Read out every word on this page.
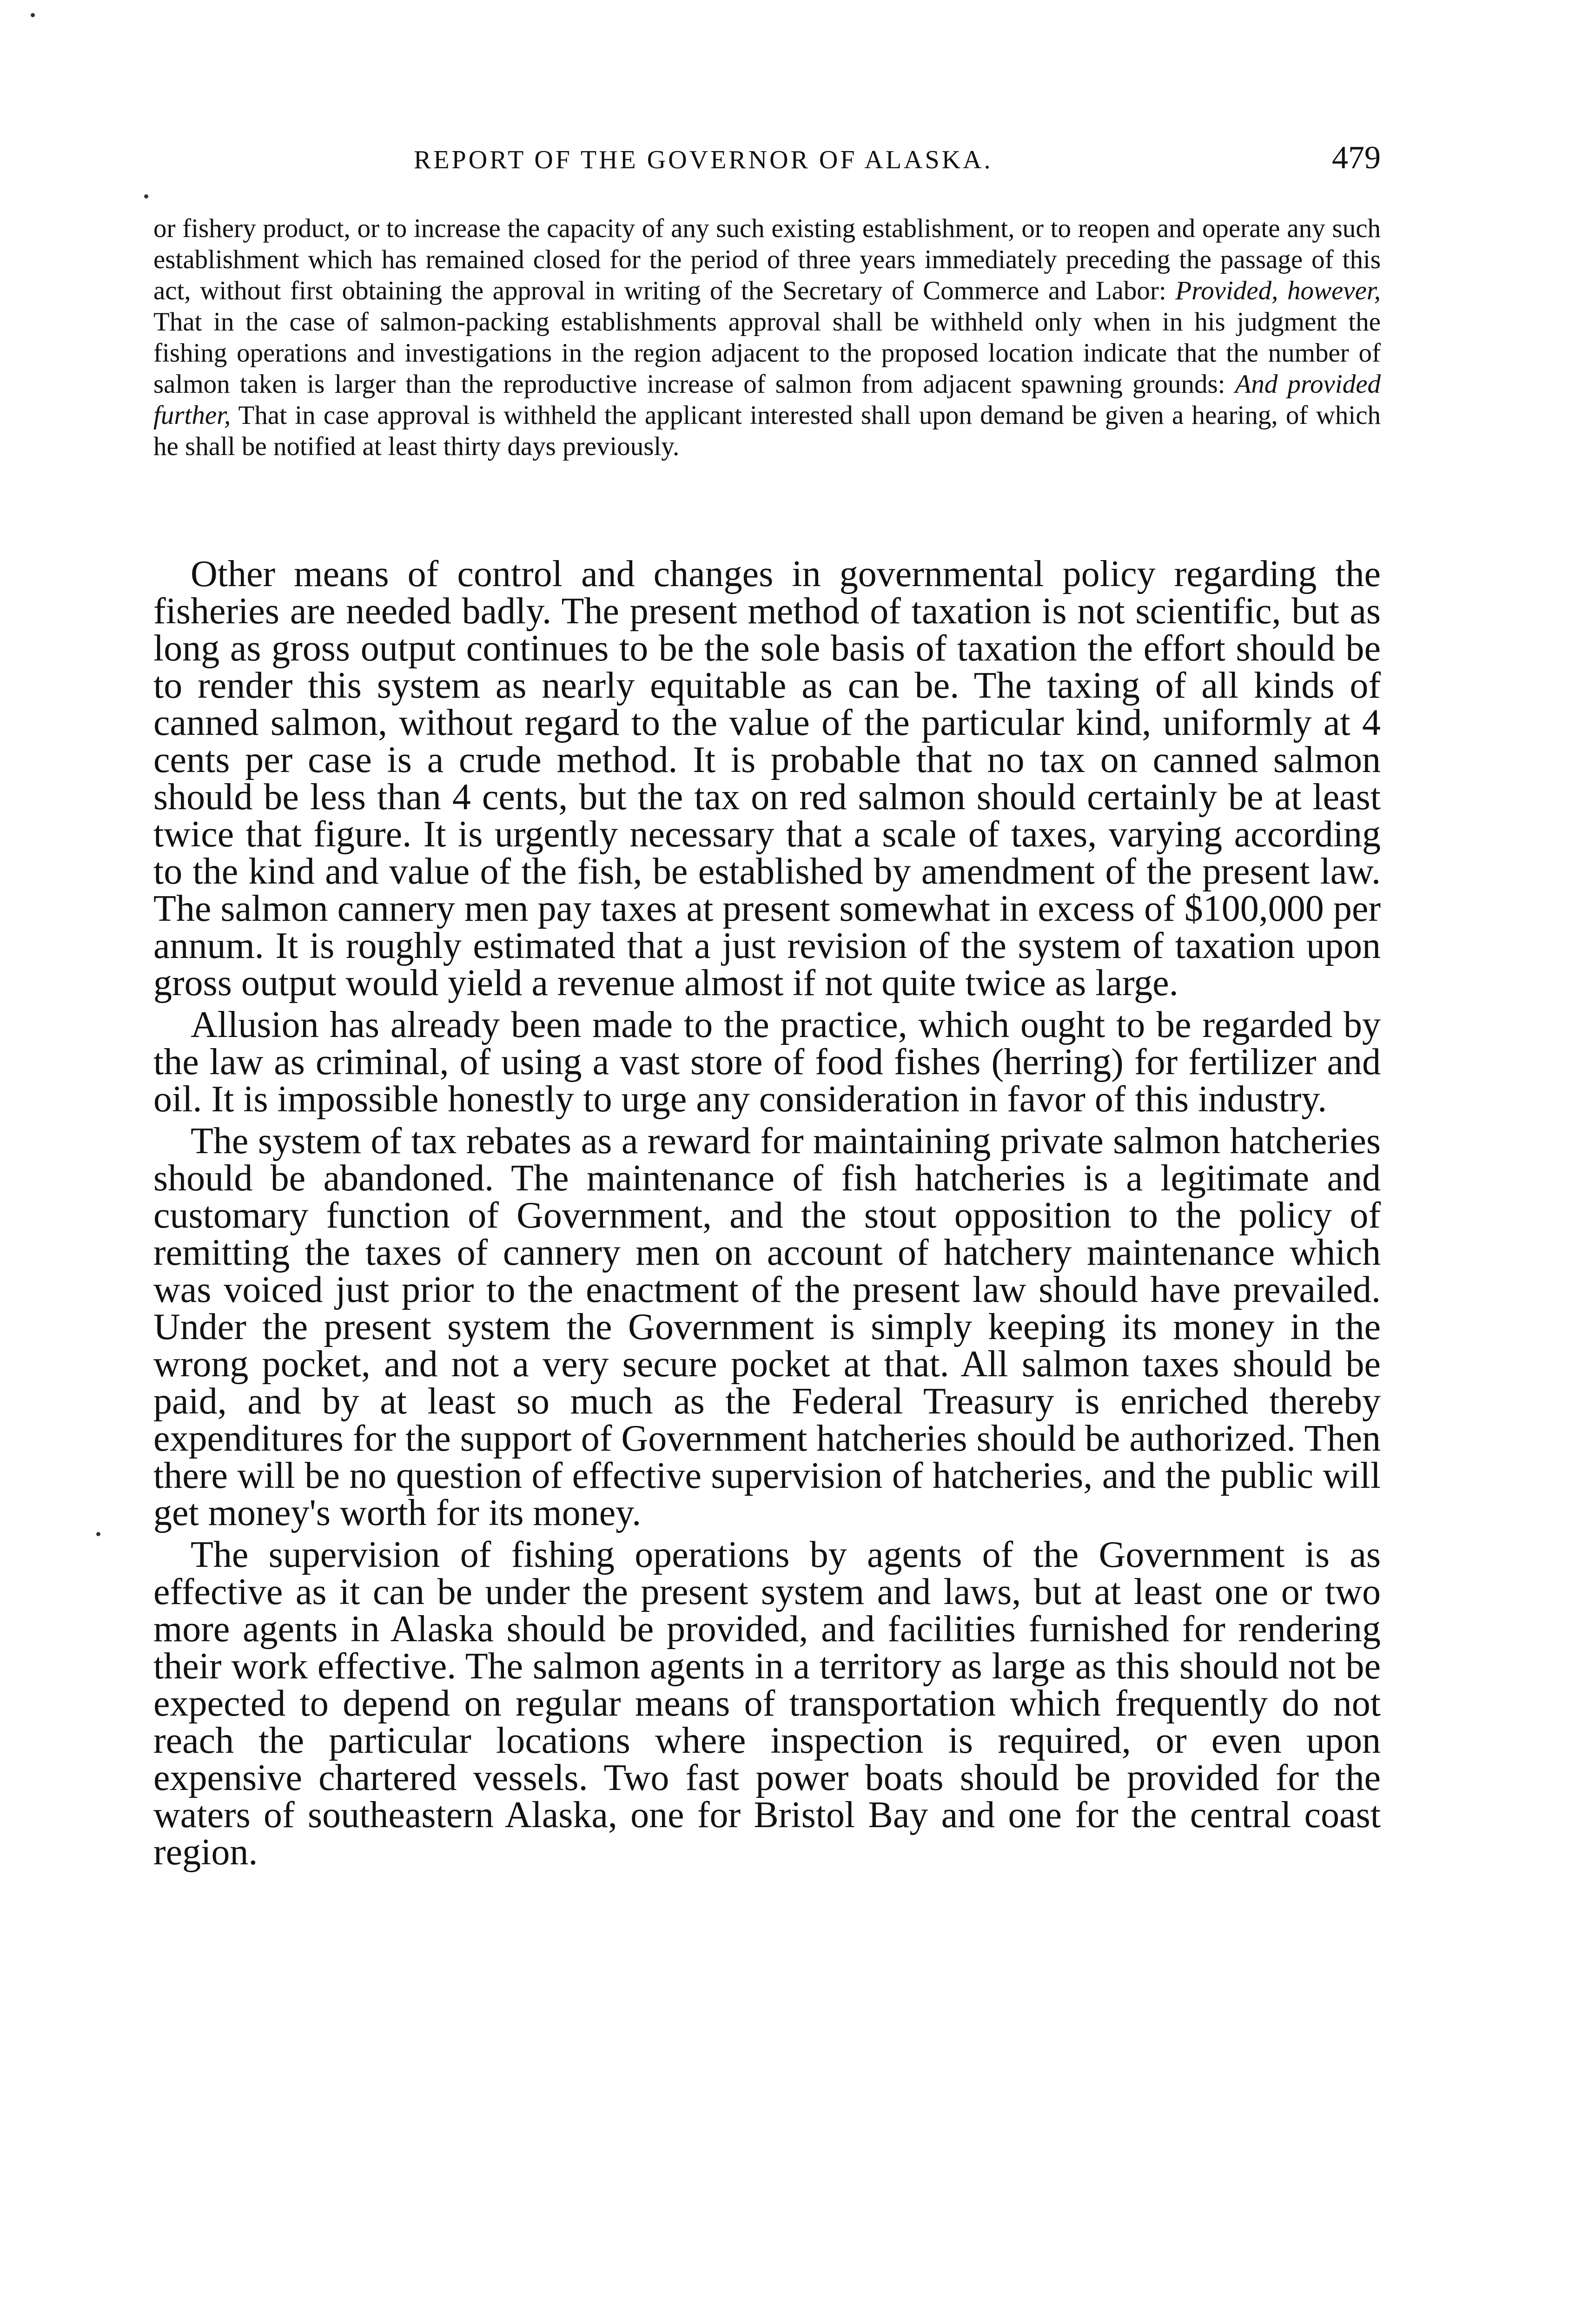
REPORT OF THE GOVERNOR OF ALASKA.	479

or fishery product, or to increase the capacity of any such existing establishment, or to reopen and operate any such establishment which has remained closed for the period of three years immediately preceding the passage of this act, without first obtaining the approval in writing of the Secretary of Commerce and Labor: Provided, however, That in the case of salmon-packing establishments approval shall be withheld only when in his judgment the fishing operations and investigations in the region adjacent to the proposed location indicate that the number of salmon taken is larger than the reproductive increase of salmon from adjacent spawning grounds: And provided further, That in case approval is withheld the applicant interested shall upon demand be given a hearing, of which he shall be notified at least thirty days previously.

Other means of control and changes in governmental policy regarding the fisheries are needed badly. The present method of taxation is not scientific, but as long as gross output continues to be the sole basis of taxation the effort should be to render this system as nearly equitable as can be. The taxing of all kinds of canned salmon, without regard to the value of the particular kind, uniformly at 4 cents per case is a crude method. It is probable that no tax on canned salmon should be less than 4 cents, but the tax on red salmon should certainly be at least twice that figure. It is urgently necessary that a scale of taxes, varying according to the kind and value of the fish, be established by amendment of the present law. The salmon cannery men pay taxes at present somewhat in excess of $100,000 per annum. It is roughly estimated that a just revision of the system of taxation upon gross output would yield a revenue almost if not quite twice as large.

Allusion has already been made to the practice, which ought to be regarded by the law as criminal, of using a vast store of food fishes (herring) for fertilizer and oil. It is impossible honestly to urge any consideration in favor of this industry.

The system of tax rebates as a reward for maintaining private salmon hatcheries should be abandoned. The maintenance of fish hatcheries is a legitimate and customary function of Government, and the stout opposition to the policy of remitting the taxes of cannery men on account of hatchery maintenance which was voiced just prior to the enactment of the present law should have prevailed. Under the present system the Government is simply keeping its money in the wrong pocket, and not a very secure pocket at that. All salmon taxes should be paid, and by at least so much as the Federal Treasury is enriched thereby expenditures for the support of Government hatcheries should be authorized. Then there will be no question of effective supervision of hatcheries, and the public will get money's worth for its money.

The supervision of fishing operations by agents of the Government is as effective as it can be under the present system and laws, but at least one or two more agents in Alaska should be provided, and facilities furnished for rendering their work effective. The salmon agents in a territory as large as this should not be expected to depend on regular means of transportation which frequently do not reach the particular locations where inspection is required, or even upon expensive chartered vessels. Two fast power boats should be provided for the waters of southeastern Alaska, one for Bristol Bay and one for the central coast region.
